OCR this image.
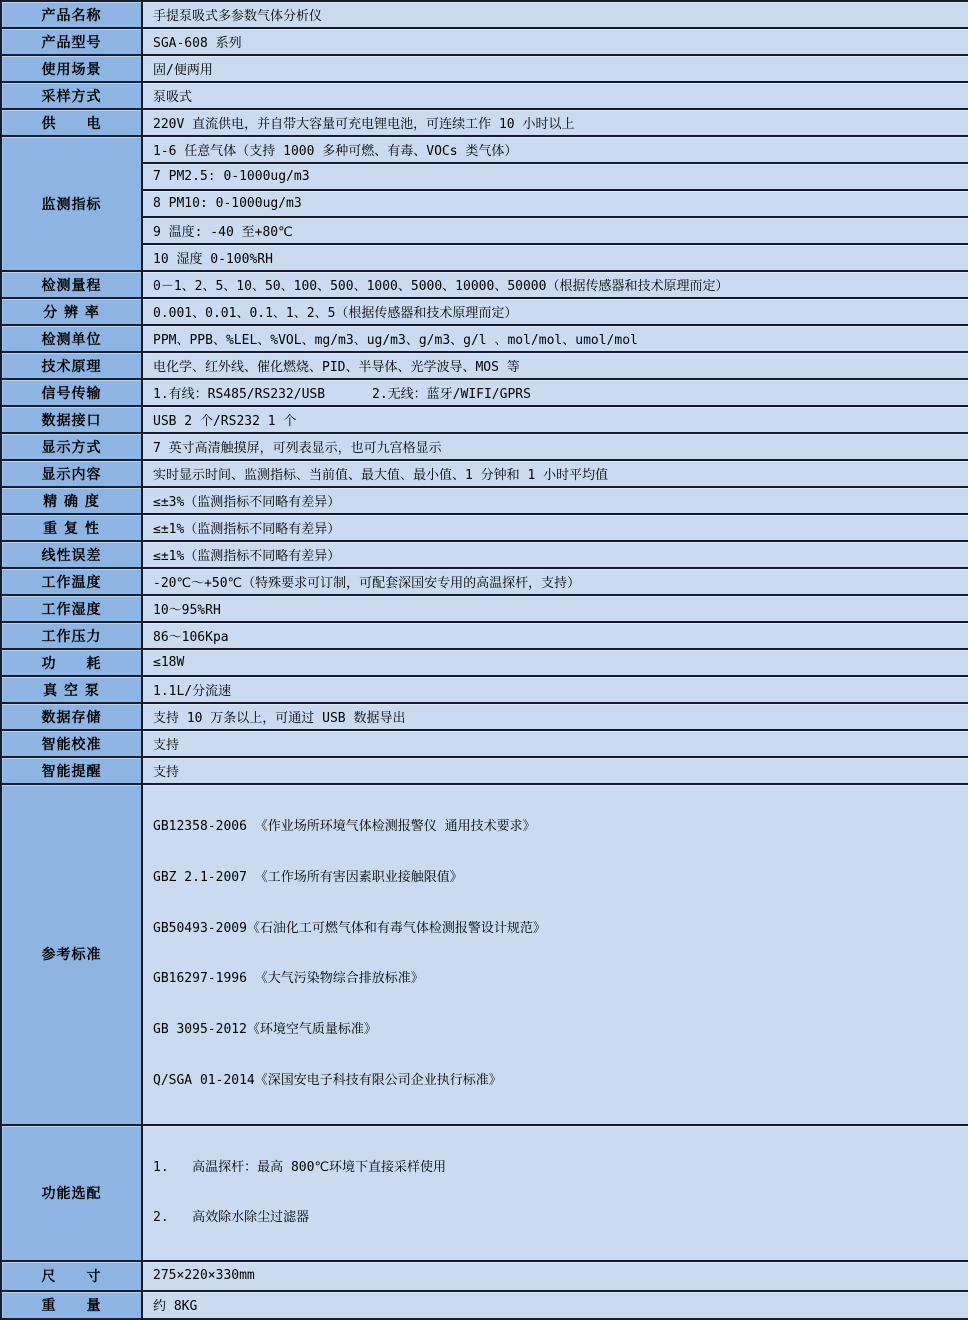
产品名称	手提泵吸式多参数气体分析仪
产品型号	SGA-608 系列
使用场景	固/便两用
采样方式	泵吸式
供　　电	220V 直流供电，并自带大容量可充电锂电池，可连续工作 10 小时以上
监测指标	1-6 任意气体（支持 1000 多种可燃、有毒、VOCs 类气体）
	7 PM2.5: 0-1000ug/m3
	8 PM10: 0-1000ug/m3
	9 温度: -40 至+80℃
	10 湿度 0-100%RH
检测量程	0－1、2、5、10、50、100、500、1000、5000、10000、50000（根据传感器和技术原理而定）
分 辨 率	0.001、0.01、0.1、1、2、5（根据传感器和技术原理而定）
检测单位	PPM、PPB、%LEL、%VOL、mg/m3、ug/m3、g/m3、g/l 、mol/mol、umol/mol
技术原理	电化学、红外线、催化燃烧、PID、半导体、光学波导、MOS 等
信号传输	1.有线：RS485/RS232/USB      2.无线：蓝牙/WIFI/GPRS
数据接口	USB 2 个/RS232 1 个
显示方式	7 英寸高清触摸屏，可列表显示，也可九宫格显示
显示内容	实时显示时间、监测指标、当前值、最大值、最小值、1 分钟和 1 小时平均值
精 确 度	≤±3%（监测指标不同略有差异）
重 复 性	≤±1%（监测指标不同略有差异）
线性误差	≤±1%（监测指标不同略有差异）
工作温度	-20℃～+50℃（特殊要求可订制，可配套深国安专用的高温探杆，支持）
工作湿度	10～95%RH
工作压力	86～106Kpa
功　　耗	≤18W
真 空 泵	1.1L/分流速
数据存储	支持 10 万条以上，可通过 USB 数据导出
智能校准	支持
智能提醒	支持
参考标准	

GB12358-2006 《作业场所环境气体检测报警仪 通用技术要求》

GBZ 2.1-2007 《工作场所有害因素职业接触限值》

GB50493-2009《石油化工可燃气体和有毒气体检测报警设计规范》

GB16297-1996 《大气污染物综合排放标准》

GB 3095-2012《环境空气质量标准》

Q/SGA 01-2014《深国安电子科技有限公司企业执行标准》

功能选配	1.   高温探杆：最高 800℃环境下直接采样使用

2.   高效除水除尘过滤器

尺　　寸	275×220×330mm
重　　量	约 8KG
